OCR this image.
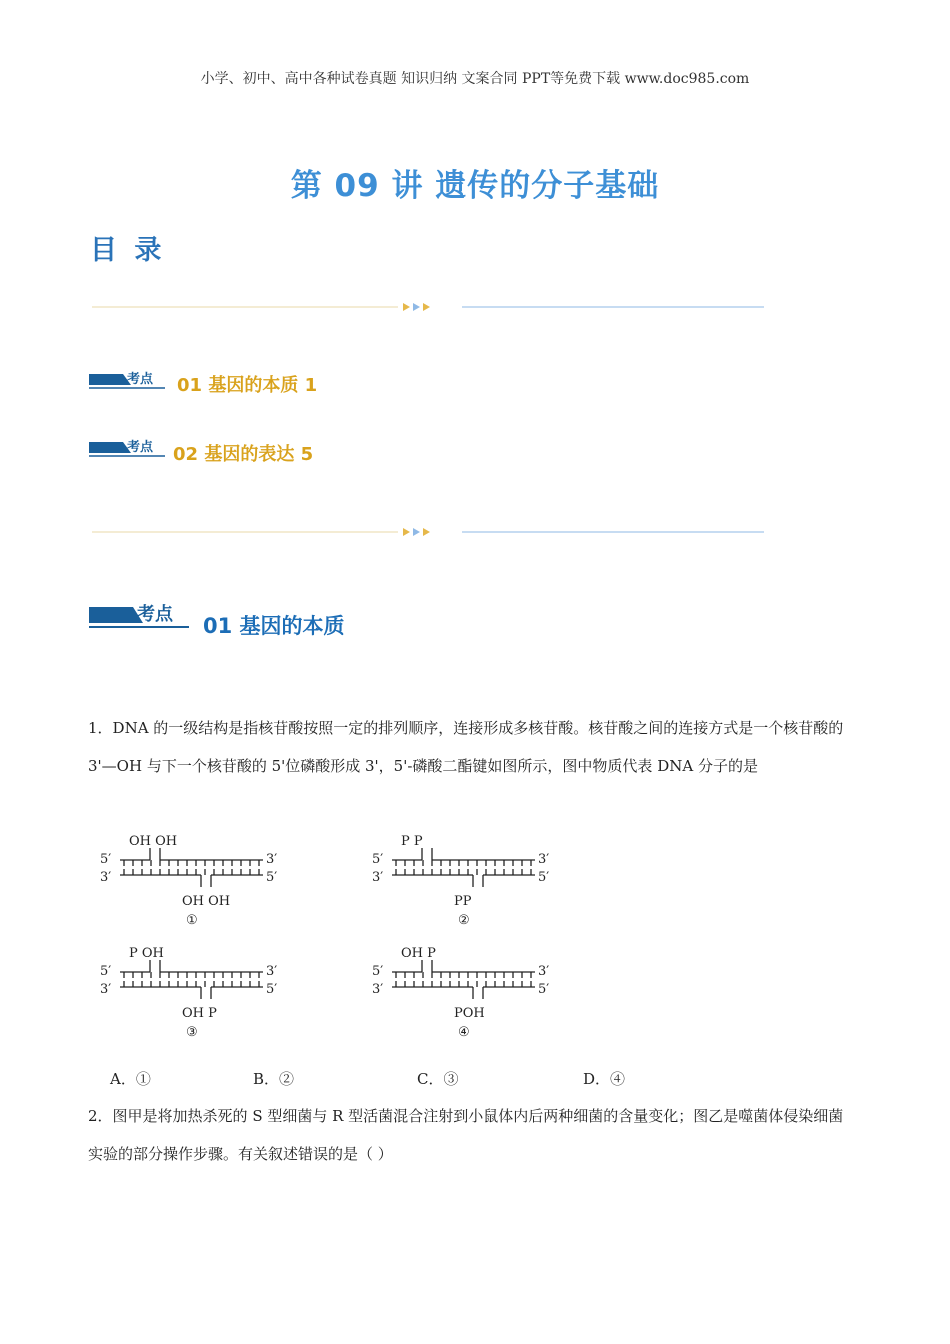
小学、初中、高中各种试卷真题 知识归纳 文案合同 PPT等免费下载 www.doc985.com
第 09 讲 遗传的分子基础
目 录
考点 01 基因的本质 1
考点 02 基因的表达 5
考点 01 基因的本质
1．DNA 的一级结构是指核苷酸按照一定的排列顺序，连接形成多核苷酸。核苷酸之间的连接方式是一个核苷酸的 3'—OH 与下一个核苷酸的 5'位磷酸形成 3'，5'-磷酸二酯键如图所示，图中物质代表 DNA 分子的是
5′	3′
3′	5′
OH OH
OH OH
①
5′	3′
3′	5′
P P
PP
②
5′	3′
3′	5′
P OH
OH P
③
5′	3′
3′	5′
OH P
POH
④
A．①	B．②	C．③	D．④
2．图甲是将加热杀死的 S 型细菌与 R 型活菌混合注射到小鼠体内后两种细菌的含量变化；图乙是噬菌体侵染细菌实验的部分操作步骤。有关叙述错误的是（ ）
